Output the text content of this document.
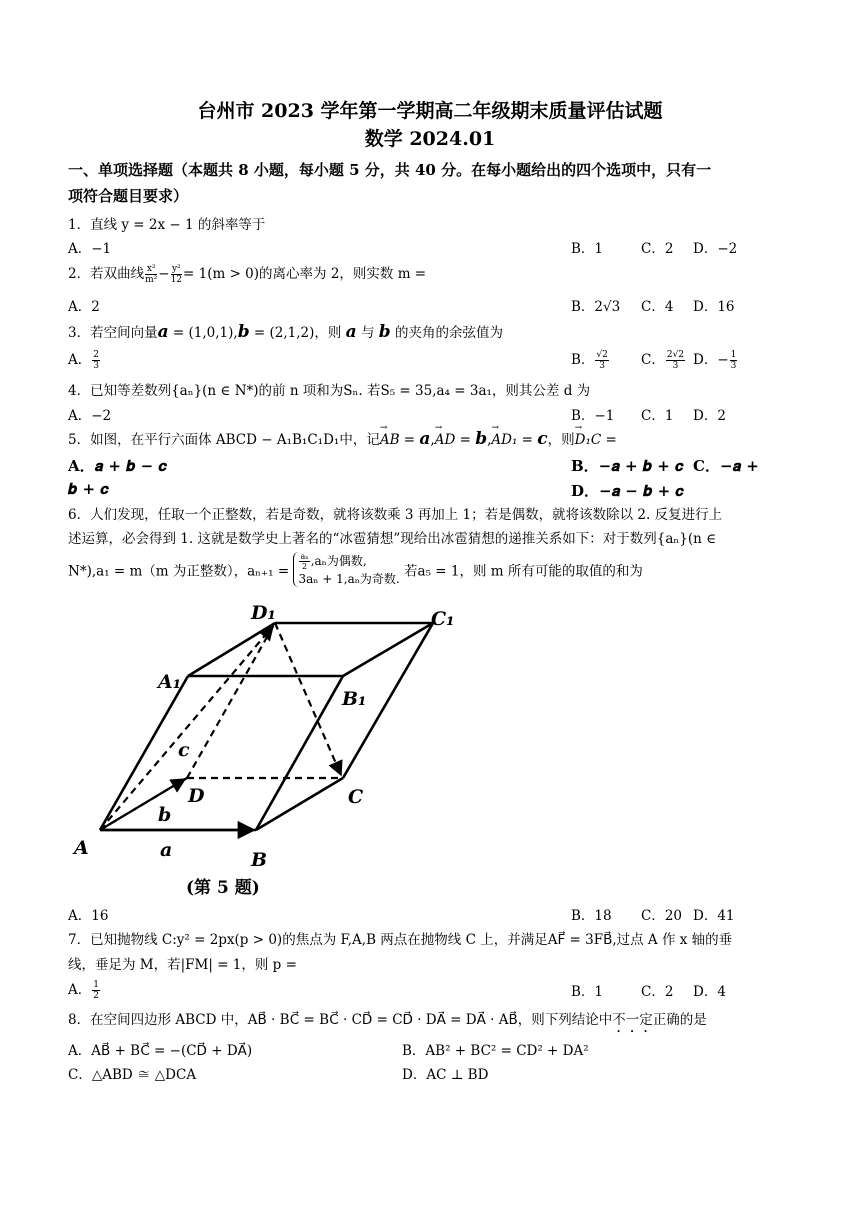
台州市 2023 学年第一学期高二年级期末质量评估试题
数学 2024.01
一、单项选择题（本题共 8 小题，每小题 5 分，共 40 分。在每小题给出的四个选项中，只有一
项符合题目要求）
1．直线 y = 2x − 1 的斜率等于
A．−1	B．1	C．2 D．−2
2．若双曲线 $\frac{\text{x²}}{\text{m²}} - \frac{\text{y²}}{12} = 1(m > 0)$的离心率为 2，则实数 m =
A．2	B．2√3 C．4 D．16
3．若空间向量a = (1,0,1),b = (2,1,2)，则 a 与 b 的夹角的余弦值为
A． $\frac{2}{3}$	B． $\frac{√2}{3}$ C． $\frac{2√2}{3}$ D．− $\frac{1}{3}$
4．已知等差数列{aₙ}(n ∈ N*)的前 n 项和为Sₙ. 若S₅ = 35,a₄ = 3a₁，则其公差 d 为
A．−2	B．−1 C．1 D．2
5．如图，在平行六面体 ABCD − A₁B₁C₁D₁中，记
→
AB = a,
→
AD = b,
→
AD₁ = c，则
→
D₁C =
A．𝒂 + 𝒃 − 𝒄	B．−𝒂 + 𝒃 + 𝒄 C．−𝒂 +
𝒃 + 𝒄	D．−𝒂 − 𝒃 + 𝒄
6．人们发现，任取一个正整数，若是奇数，就将该数乘 3 再加上 1；若是偶数，就将该数除以 2. 反复进行上
述运算，必会得到 1. 这就是数学史上著名的“冰雹猜想”现给出冰雹猜想的递推关系如下：对于数列{aₙ}(n ∈
N*),a₁ = m（m 为正整数），aₙ₊₁ =
$\frac{\text{aₙ}}{2} ,a_n$为偶数,
3aₙ + 1,aₙ为奇数. 若a₅ = 1，则 m 所有可能的取值的和为
A
B
C
D
A₁
B₁
C₁
D₁
a
b
c
(第 5 题)
A．16	B．18 C．20 D．41
7．已知抛物线 C:y² = 2px(p > 0)的焦点为 F,A,B 两点在抛物线 C 上，并满足AF⃗ = 3FB⃗,过点 A 作 x 轴的垂
线，垂足为 M，若|FM| = 1，则 p =
A． $\frac{1}{2}$	B．1	C．2 D．4
8．在空间四边形 ABCD 中，AB⃗ · BC⃗ = BC⃗ · CD⃗ = CD⃗ · DA⃗ = DA⃗ · AB⃗，则下列结论中不一定正确的是
A．AB⃗ + BC⃗ = −(CD⃗ + DA⃗)	B．AB² + BC² = CD² + DA²
C．△ABD ≅ △DCA	D．AC ⊥ BD
